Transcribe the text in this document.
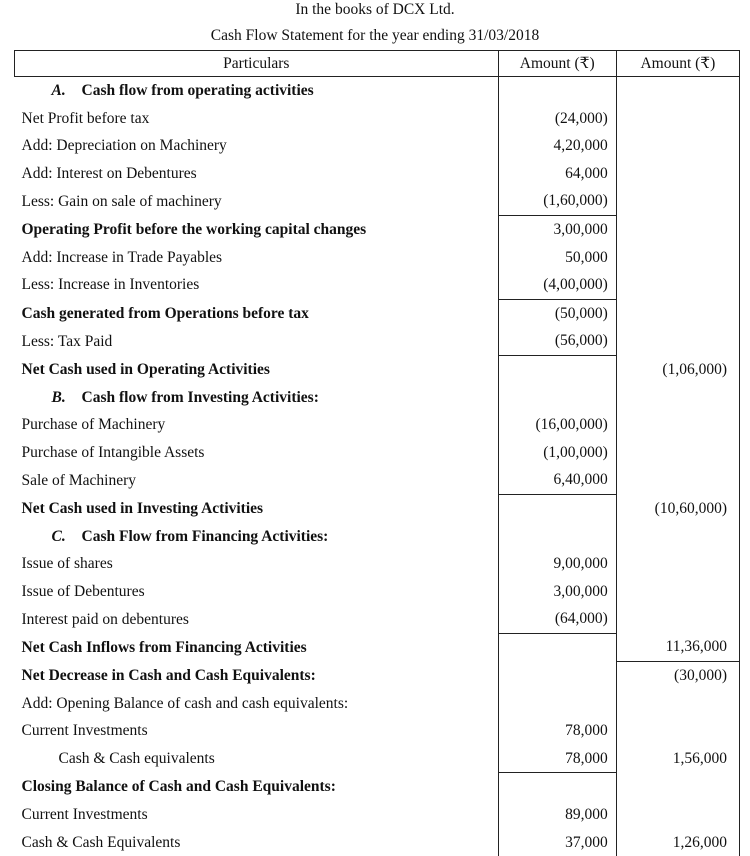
In the books of DCX Ltd.
Cash Flow Statement for the year ending 31/03/2018
Particulars	Amount (₹)	Amount (₹)
A. Cash flow from operating activities		
Net Profit before tax	(24,000)	
Add: Depreciation on Machinery	4,20,000	
Add: Interest on Debentures	64,000	
Less: Gain on sale of machinery	(1,60,000)	
Operating Profit before the working capital changes	3,00,000	
Add: Increase in Trade Payables	50,000	
Less: Increase in Inventories	(4,00,000)	
Cash generated from Operations before tax	(50,000)	
Less: Tax Paid	(56,000)	
Net Cash used in Operating Activities		(1,06,000)
B. Cash flow from Investing Activities:		
Purchase of Machinery	(16,00,000)	
Purchase of Intangible Assets	(1,00,000)	
Sale of Machinery	6,40,000	
Net Cash used in Investing Activities		(10,60,000)
C. Cash Flow from Financing Activities:		
Issue of shares	9,00,000	
Issue of Debentures	3,00,000	
Interest paid on debentures	(64,000)	
Net Cash Inflows from Financing Activities		11,36,000
Net Decrease in Cash and Cash Equivalents:		(30,000)
Add: Opening Balance of cash and cash equivalents:		
Current Investments	78,000	
Cash & Cash equivalents	78,000	1,56,000
Closing Balance of Cash and Cash Equivalents:		
Current Investments	89,000	
Cash & Cash Equivalents	37,000	1,26,000
